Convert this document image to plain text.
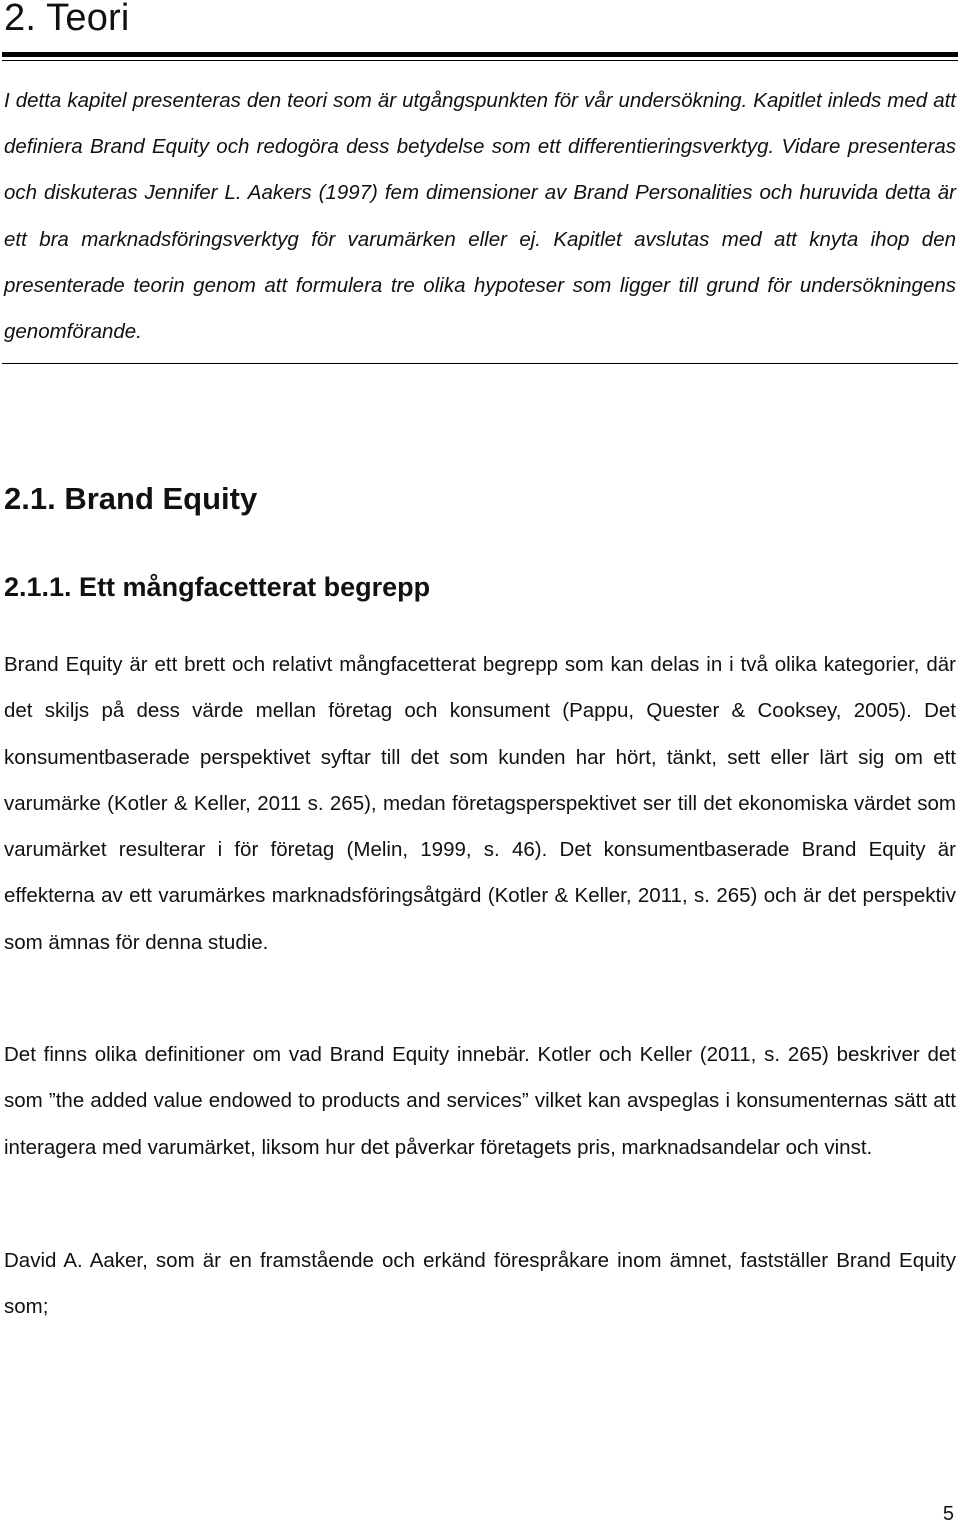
2. Teori

I detta kapitel presenteras den teori som är utgångspunkten för vår undersökning. Kapitlet inleds med att definiera Brand Equity och redogöra dess betydelse som ett differentieringsverktyg. Vidare presenteras och diskuteras Jennifer L. Aakers (1997) fem dimensioner av Brand Personalities och huruvida detta är ett bra marknadsföringsverktyg för varumärken eller ej. Kapitlet avslutas med att knyta ihop den presenterade teorin genom att formulera tre olika hypoteser som ligger till grund för undersökningens genomförande.

2.1. Brand Equity
2.1.1. Ett mångfacetterat begrepp

Brand Equity är ett brett och relativt mångfacetterat begrepp som kan delas in i två olika kategorier, där det skiljs på dess värde mellan företag och konsument (Pappu, Quester & Cooksey, 2005). Det konsumentbaserade perspektivet syftar till det som kunden har hört, tänkt, sett eller lärt sig om ett varumärke (Kotler & Keller, 2011 s. 265), medan företagsperspektivet ser till det ekonomiska värdet som varumärket resulterar i för företag (Melin, 1999, s. 46). Det konsumentbaserade Brand Equity är effekterna av ett varumärkes marknadsföringsåtgärd (Kotler & Keller, 2011, s. 265) och är det perspektiv som ämnas för denna studie.

Det finns olika definitioner om vad Brand Equity innebär. Kotler och Keller (2011, s. 265) beskriver det som ”the added value endowed to products and services” vilket kan avspeglas i konsumenternas sätt att interagera med varumärket, liksom hur det påverkar företagets pris, marknadsandelar och vinst.

David A. Aaker, som är en framstående och erkänd förespråkare inom ämnet, fastställer Brand Equity som;

5
